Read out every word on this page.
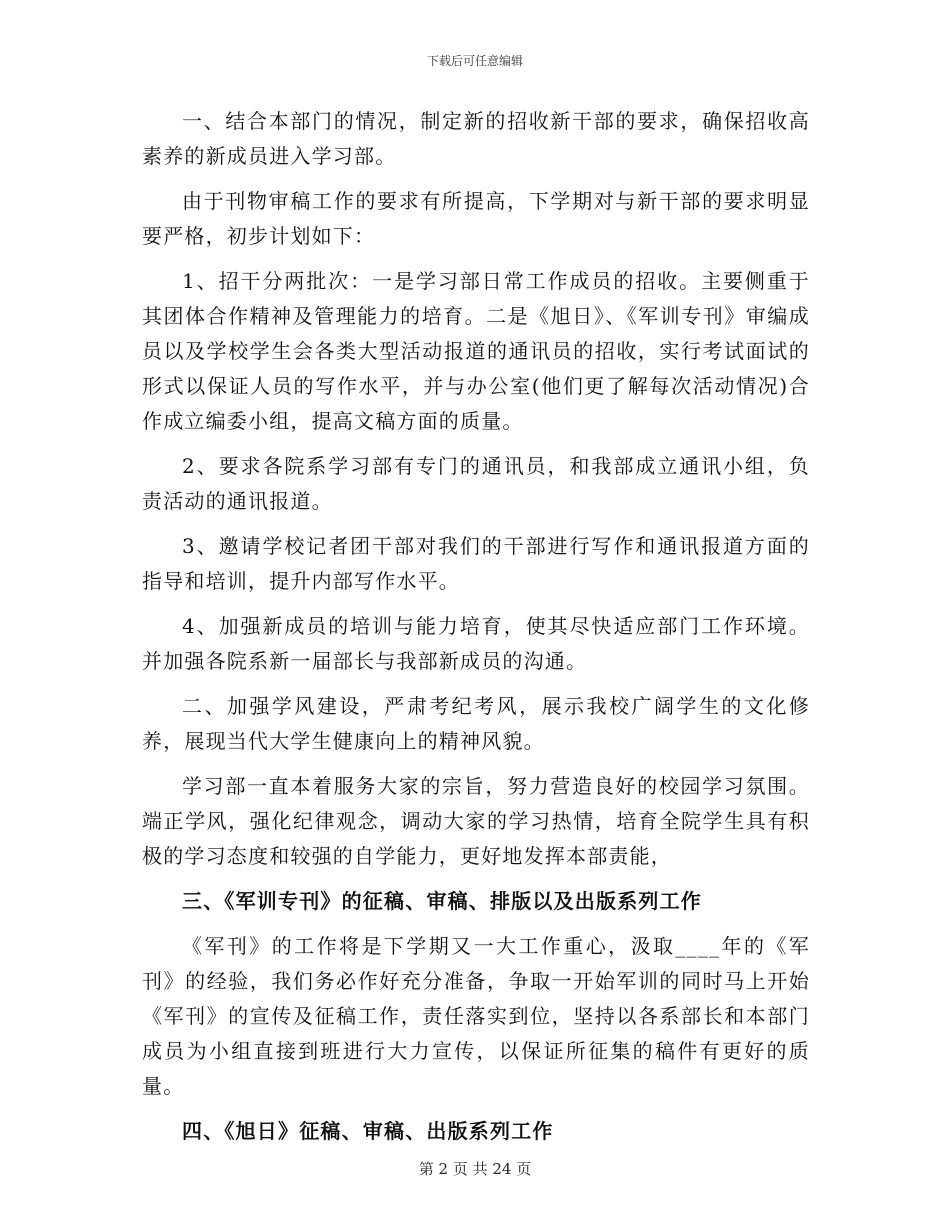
下载后可任意编辑

一、结合本部门的情况，制定新的招收新干部的要求，确保招收高素养的新成员进入学习部。

由于刊物审稿工作的要求有所提高，下学期对与新干部的要求明显要严格，初步计划如下：

1、招干分两批次：一是学习部日常工作成员的招收。主要侧重于其团体合作精神及管理能力的培育。二是《旭日》、《军训专刊》审编成员以及学校学生会各类大型活动报道的通讯员的招收，实行考试面试的形式以保证人员的写作水平，并与办公室(他们更了解每次活动情况)合作成立编委小组，提高文稿方面的质量。

2、要求各院系学习部有专门的通讯员，和我部成立通讯小组，负责活动的通讯报道。

3、邀请学校记者团干部对我们的干部进行写作和通讯报道方面的指导和培训，提升内部写作水平。

4、加强新成员的培训与能力培育，使其尽快适应部门工作环境。并加强各院系新一届部长与我部新成员的沟通。

二、加强学风建设，严肃考纪考风，展示我校广阔学生的文化修养，展现当代大学生健康向上的精神风貌。

学习部一直本着服务大家的宗旨，努力营造良好的校园学习氛围。端正学风，强化纪律观念，调动大家的学习热情，培育全院学生具有积极的学习态度和较强的自学能力，更好地发挥本部责能，

三、《军训专刊》的征稿、审稿、排版以及出版系列工作

《军刊》的工作将是下学期又一大工作重心，汲取____年的《军刊》的经验，我们务必作好充分准备，争取一开始军训的同时马上开始《军刊》的宣传及征稿工作，责任落实到位，坚持以各系部长和本部门成员为小组直接到班进行大力宣传，以保证所征集的稿件有更好的质量。

四、《旭日》征稿、审稿、出版系列工作

第 2 页 共 24 页
